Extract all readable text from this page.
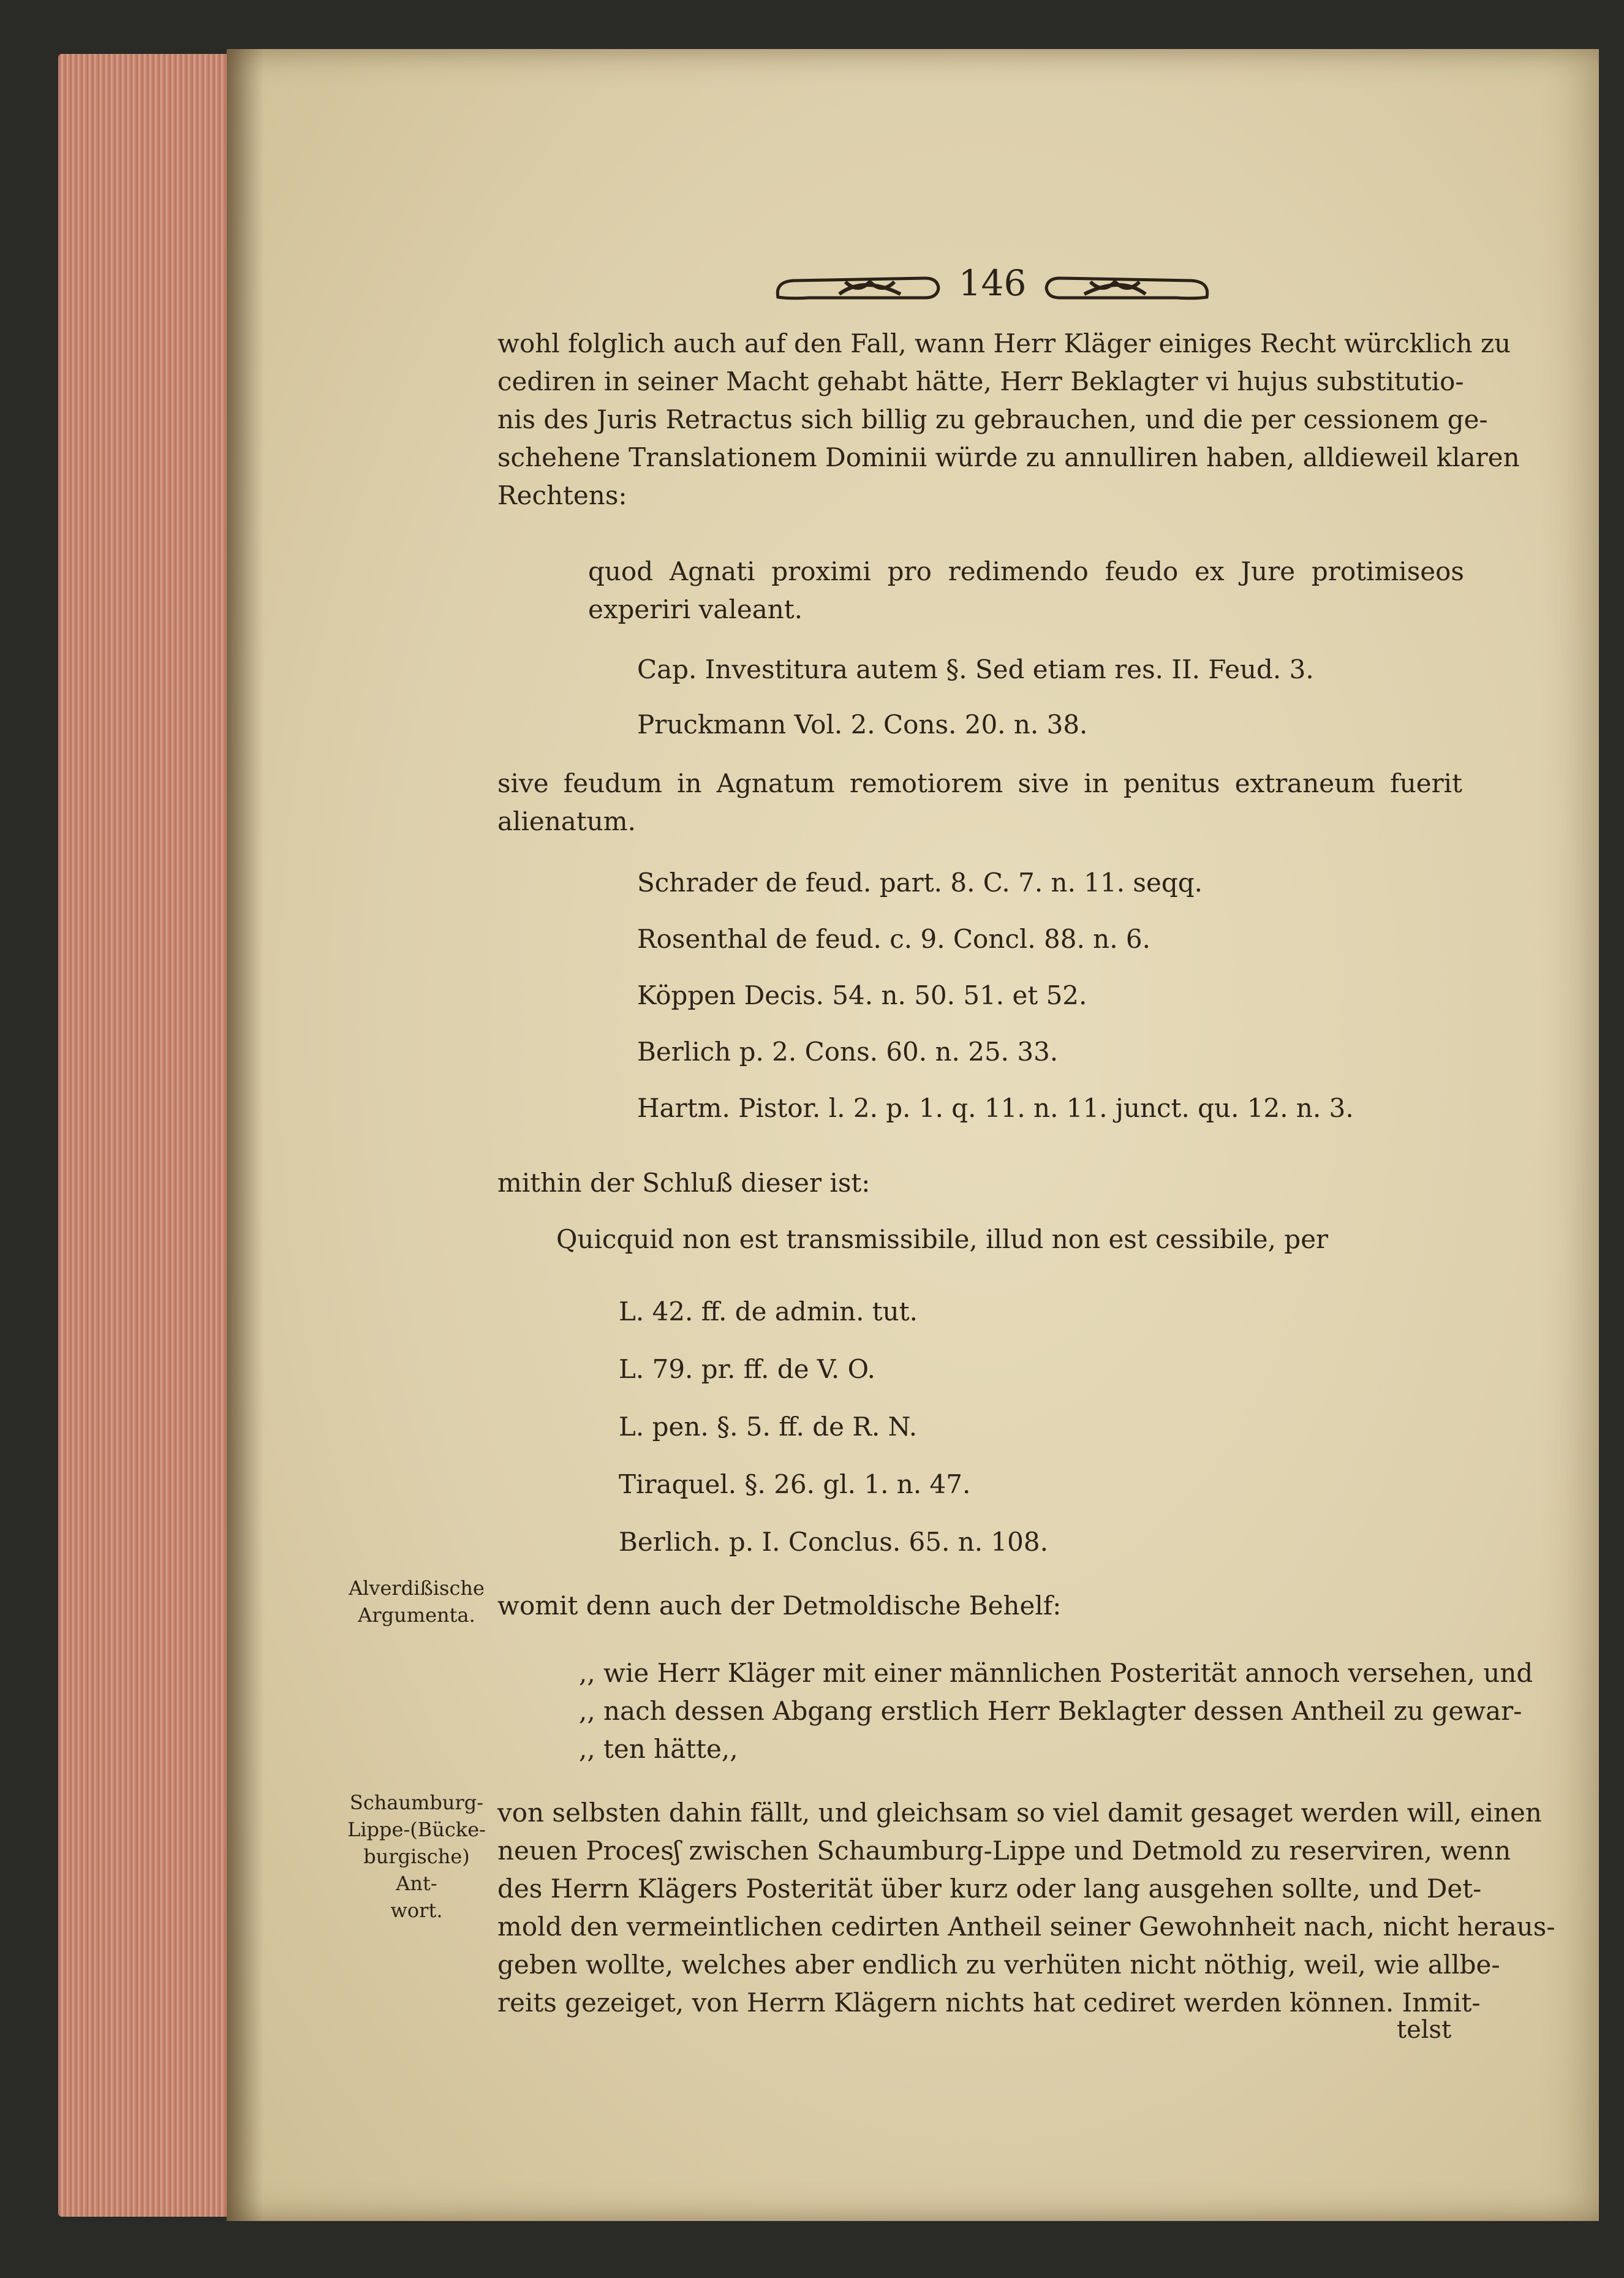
146
wohl folglich auch auf den Fall, wann Herr Kläger einiges Recht würcklich zu
cediren in seiner Macht gehabt hätte, Herr Beklagter vi hujus substitutio-
nis des Juris Retractus sich billig zu gebrauchen, und die per cessionem ge-
schehene Translationem Dominii würde zu annulliren haben, alldieweil klaren
Rechtens:
quod Agnati proximi pro redimendo feudo ex Jure protimiseos
experiri valeant.
Cap. Investitura autem §. Sed etiam res. II. Feud. 3.
Pruckmann Vol. 2. Cons. 20. n. 38.
sive feudum in Agnatum remotiorem sive in penitus extraneum fuerit
alienatum.
Schrader de feud. part. 8. C. 7. n. 11. seqq.
Rosenthal de feud. c. 9. Concl. 88. n. 6.
Köppen Decis. 54. n. 50. 51. et 52.
Berlich p. 2. Cons. 60. n. 25. 33.
Hartm. Pistor. l. 2. p. 1. q. 11. n. 11. junct. qu. 12. n. 3.
mithin der Schluß dieser ist:
Quicquid non est transmissibile, illud non est cessibile, per
L. 42. ff. de admin. tut.
L. 79. pr. ff. de V. O.
L. pen. §. 5. ff. de R. N.
Tiraquel. §. 26. gl. 1. n. 47.
Berlich. p. I. Conclus. 65. n. 108.
Alverdißische
Argumenta. womit denn auch der Detmoldische Behelf:
,, wie Herr Kläger mit einer männlichen Posterität annoch versehen, und
,, nach dessen Abgang erstlich Herr Beklagter dessen Antheil zu gewar-
,, ten hätte,,
Schaumburg-
Lippe-(Bücke-
burgische) Ant-
wort.
von selbsten dahin fällt, und gleichsam so viel damit gesaget werden will, einen
neuen Procesʃ zwischen Schaumburg-Lippe und Detmold zu reserviren, wenn
des Herrn Klägers Posterität über kurz oder lang ausgehen sollte, und Det-
mold den vermeintlichen cedirten Antheil seiner Gewohnheit nach, nicht heraus-
geben wollte, welches aber endlich zu verhüten nicht nöthig, weil, wie allbe-
reits gezeiget, von Herrn Klägern nichts hat cediret werden können. Inmit-
telst
